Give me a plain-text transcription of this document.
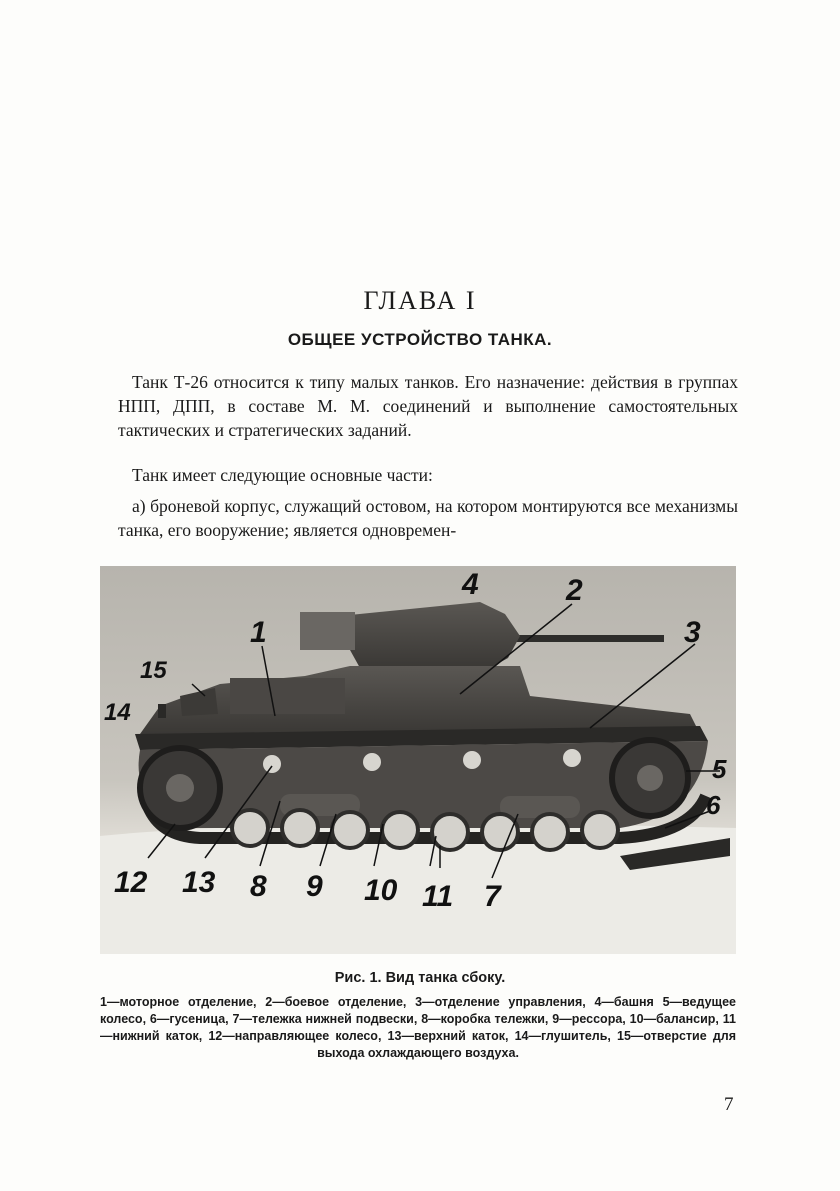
ГЛАВА I
ОБЩЕЕ УСТРОЙСТВО ТАНКА.
Танк Т-26 относится к типу малых танков. Его назначение: действия в группах НПП, ДПП, в составе М. М. соединений и выполнение самостоятельных тактических и стратегических заданий.
Танк имеет следующие основные части:
а) броневой корпус, служащий остовом, на котором монтируются все механизмы танка, его вооружение; является одновремен-
1
2
3
4
5
6
7
8 9 10 11
12 13
14
15
Рис. 1. Вид танка сбоку.
1—моторное отделение, 2—боевое отделение, 3—отделение управления, 4—башня 5—ведущее колесо, 6—гусеница, 7—тележка нижней подвески, 8—коробка тележки, 9—рессора, 10—балансир, 11—нижний каток, 12—направляющее колесо, 13—верхний каток, 14—глушитель, 15—отверстие для выхода охлаждающего воздуха.
7
